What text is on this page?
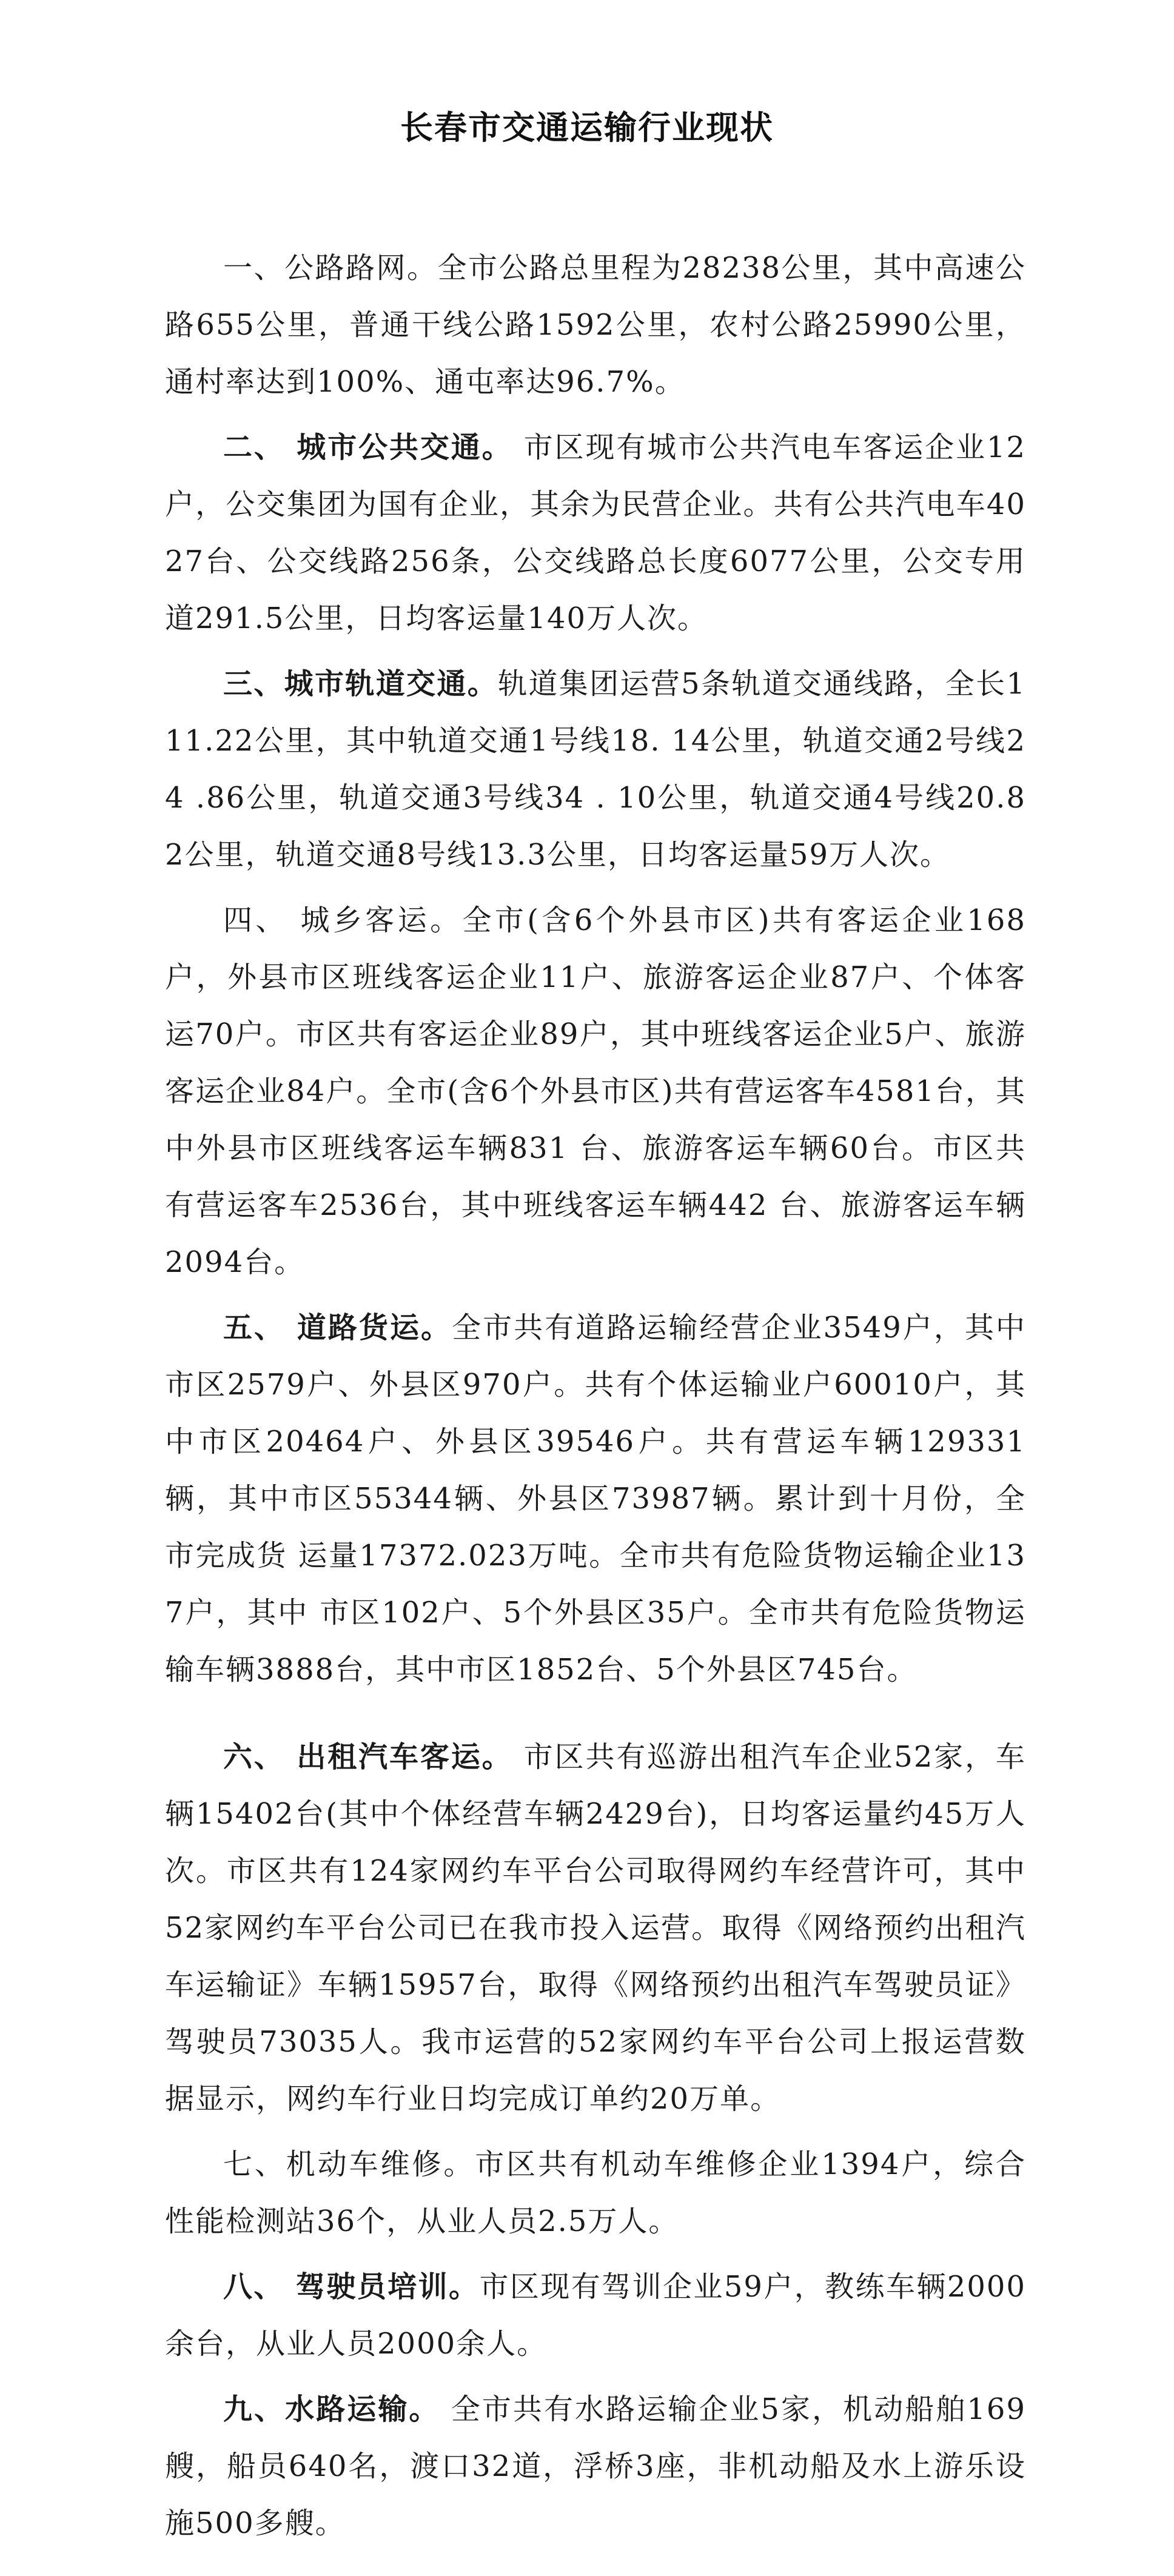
长春市交通运输行业现状

一、公路路网。全市公路总里程为28238公里，其中高速公路655公里，普通干线公路1592公里，农村公路25990公里，通村率达到100%、通屯率达96.7%。

二、 城市公共交通。 市区现有城市公共汽电车客运企业12户，公交集团为国有企业，其余为民营企业。共有公共汽电车4027台、公交线路256条，公交线路总长度6077公里，公交专用道291.5公里，日均客运量140万人次。

三、城市轨道交通。轨道集团运营5条轨道交通线路，全长111.22公里，其中轨道交通1号线18. 14公里，轨道交通2号线24 .86公里，轨道交通3号线34 . 10公里，轨道交通4号线20.82公里，轨道交通8号线13.3公里，日均客运量59万人次。

四、 城乡客运。全市(含6个外县市区)共有客运企业168户，外县市区班线客运企业11户、旅游客运企业87户、个体客运70户。市区共有客运企业89户，其中班线客运企业5户、旅游客运企业84户。全市(含6个外县市区)共有营运客车4581台，其中外县市区班线客运车辆831 台、旅游客运车辆60台。市区共有营运客车2536台，其中班线客运车辆442 台、旅游客运车辆2094台。

五、 道路货运。全市共有道路运输经营企业3549户，其中市区2579户、外县区970户。共有个体运输业户60010户，其中市区20464户、外县区39546户。共有营运车辆129331辆，其中市区55344辆、外县区73987辆。累计到十月份，全市完成货 运量17372.023万吨。全市共有危险货物运输企业137户，其中 市区102户、5个外县区35户。全市共有危险货物运输车辆3888台，其中市区1852台、5个外县区745台。

六、 出租汽车客运。 市区共有巡游出租汽车企业52家，车辆15402台(其中个体经营车辆2429台)，日均客运量约45万人次。市区共有124家网约车平台公司取得网约车经营许可，其中52家网约车平台公司已在我市投入运营。取得《网络预约出租汽车运输证》车辆15957台，取得《网络预约出租汽车驾驶员证》驾驶员73035人。我市运营的52家网约车平台公司上报运营数据显示，网约车行业日均完成订单约20万单。

七、机动车维修。市区共有机动车维修企业1394户，综合性能检测站36个，从业人员2.5万人。

八、 驾驶员培训。市区现有驾训企业59户，教练车辆2000余台，从业人员2000余人。

九、水路运输。 全市共有水路运输企业5家，机动船舶169艘，船员640名，渡口32道，浮桥3座，非机动船及水上游乐设施500多艘。
